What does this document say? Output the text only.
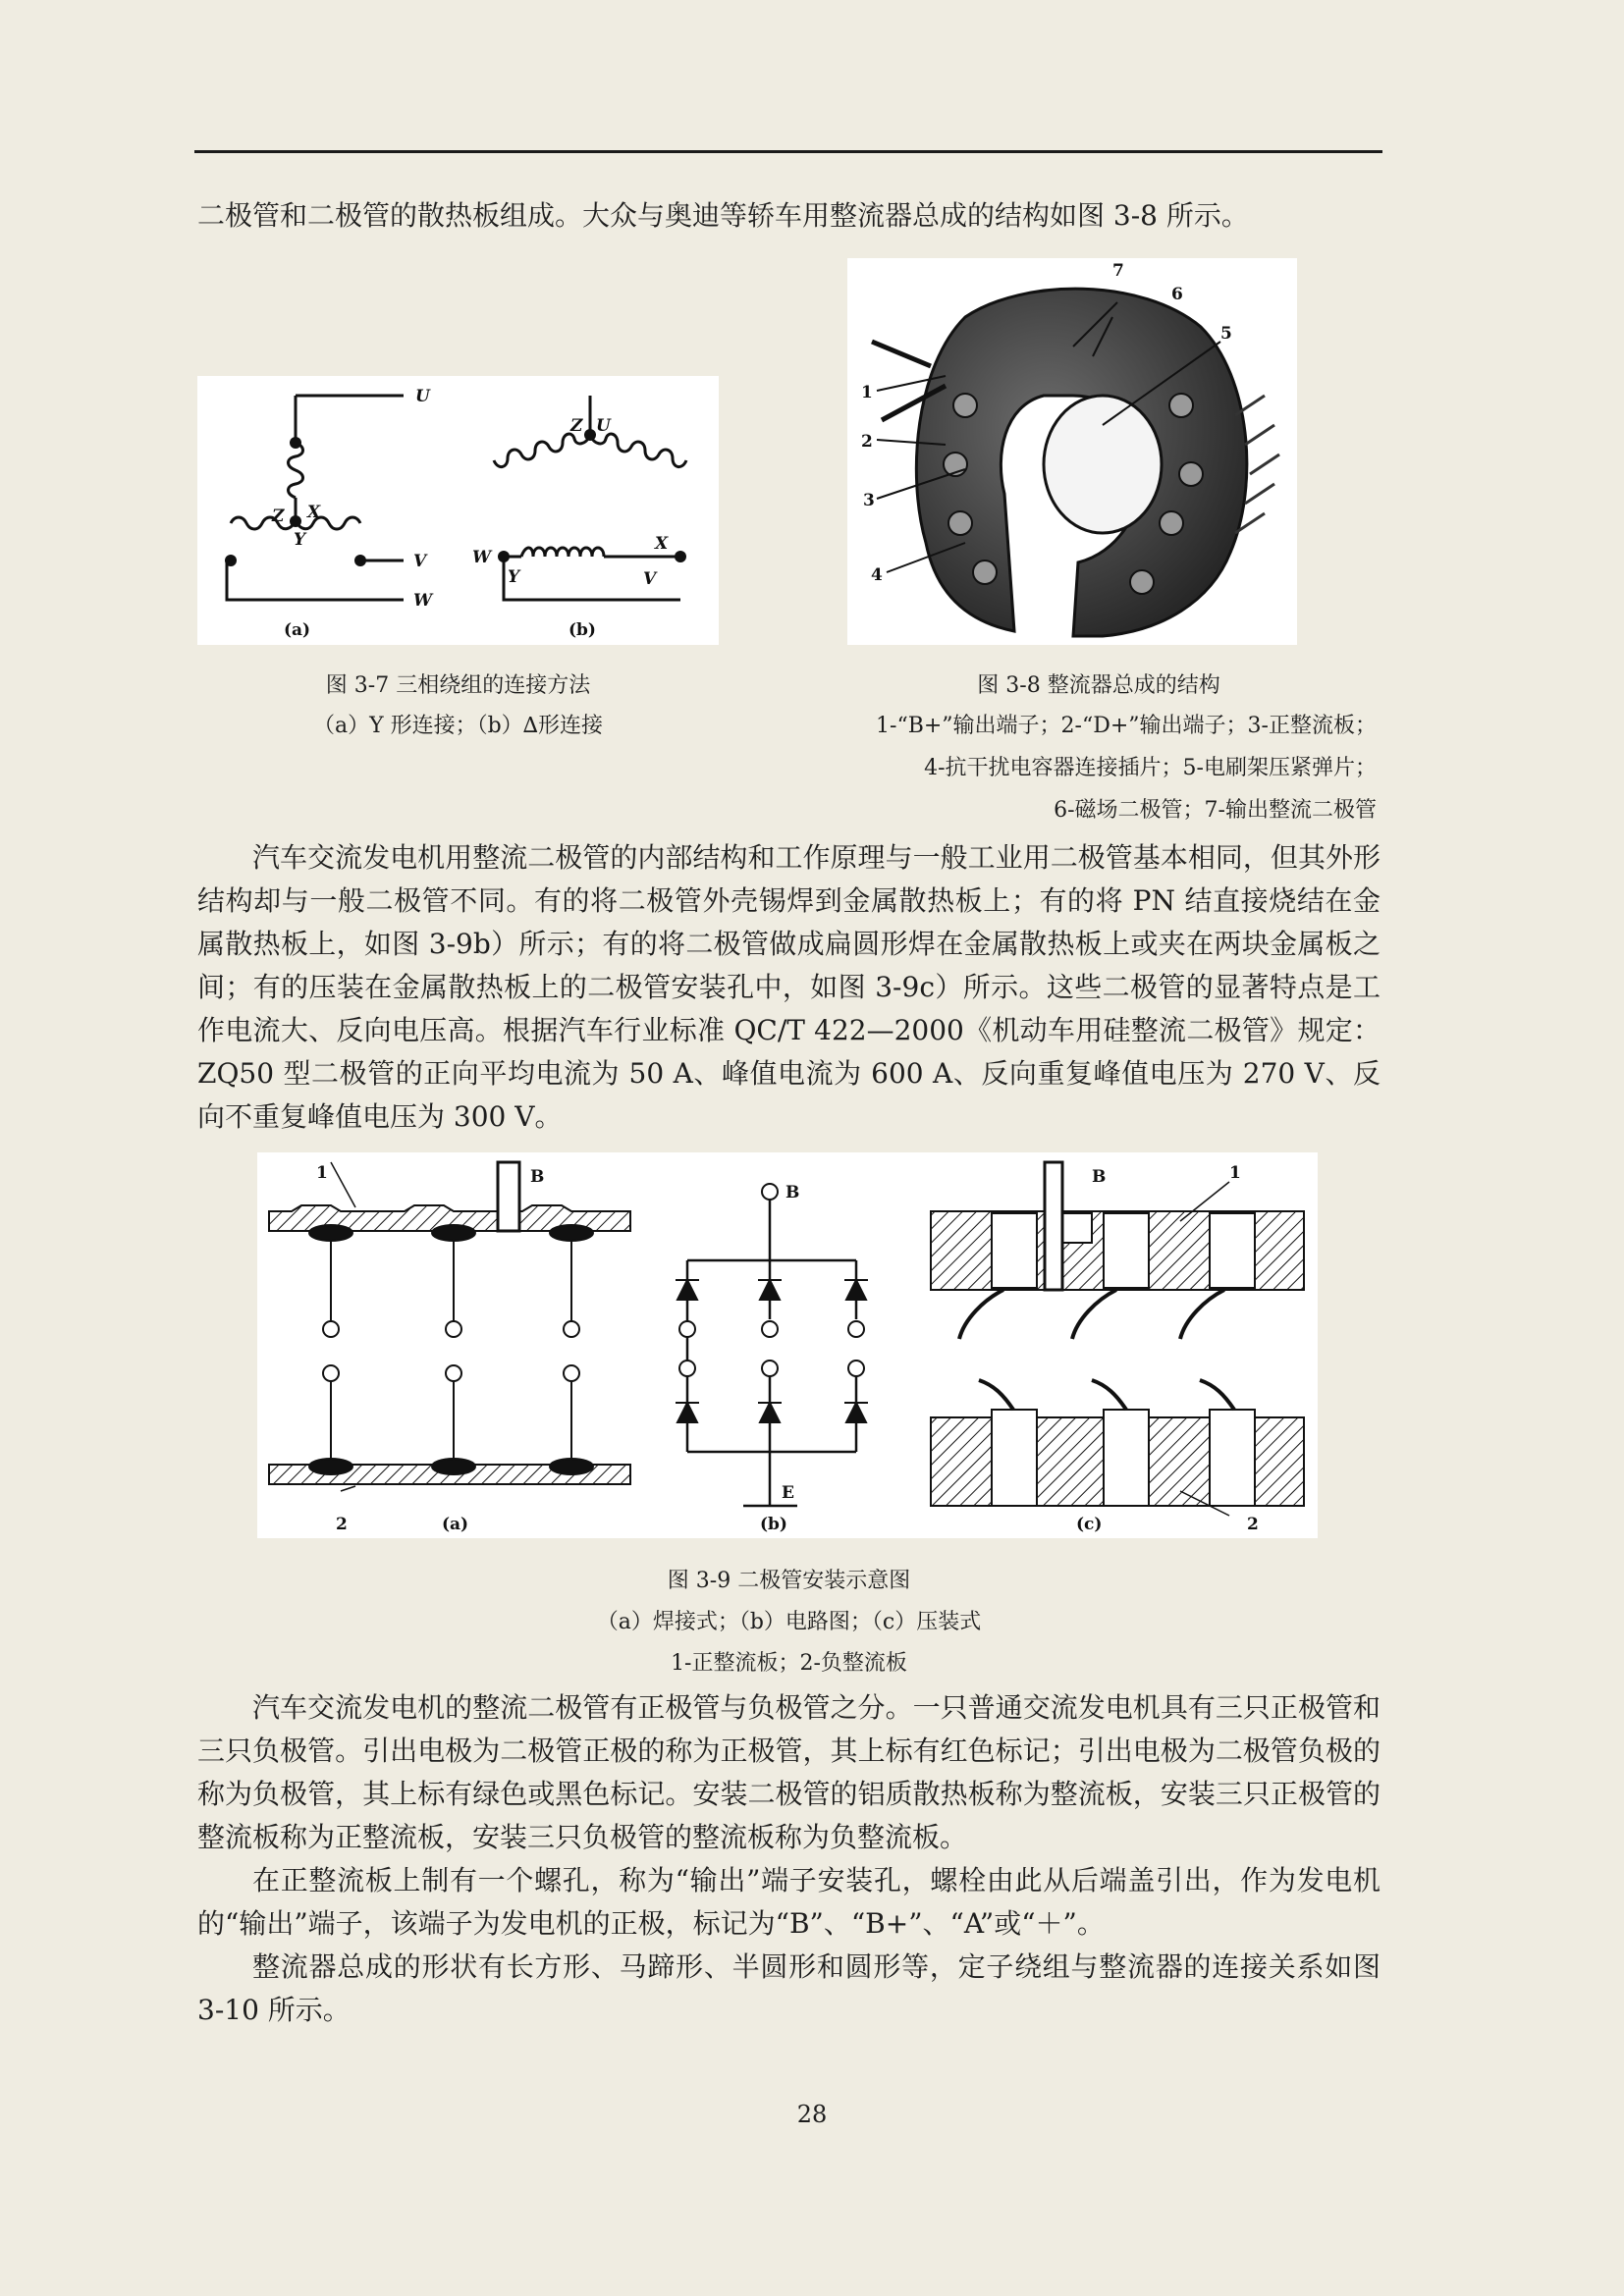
二极管和二极管的散热板组成。大众与奥迪等轿车用整流器总成的结构如图 3-8 所示。

U
V
W
Z X
Y
Z U
W
Y
X
V
(a)	(b)
图 3-7 三相绕组的连接方法
（a）Y 形连接；（b）∆形连接
1
2
3
4
5
6
7
图 3-8 整流器总成的结构
1-“B+”输出端子；2-“D+”输出端子；3-正整流板；
4-抗干扰电容器连接插片；5-电刷架压紧弹片；
6-磁场二极管；7-输出整流二极管

汽车交流发电机用整流二极管的内部结构和工作原理与一般工业用二极管基本相同，但其外形结构却与一般二极管不同。有的将二极管外壳锡焊到金属散热板上；有的将 PN 结直接烧结在金属散热板上，如图 3-9b）所示；有的将二极管做成扁圆形焊在金属散热板上或夹在两块金属板之间；有的压装在金属散热板上的二极管安装孔中，如图 3-9c）所示。这些二极管的显著特点是工作电流大、反向电压高。根据汽车行业标准 QC/T 422—2000《机动车用硅整流二极管》规定：ZQ50 型二极管的正向平均电流为 50 A、峰值电流为 600 A、反向重复峰值电压为 270 V、反向不重复峰值电压为 300 V。

1	B
2	(a)
B
E
(b)
B	1
(c)	2
图 3-9 二极管安装示意图
（a）焊接式；（b）电路图；（c）压装式
1-正整流板；2-负整流板

汽车交流发电机的整流二极管有正极管与负极管之分。一只普通交流发电机具有三只正极管和三只负极管。引出电极为二极管正极的称为正极管，其上标有红色标记；引出电极为二极管负极的称为负极管，其上标有绿色或黑色标记。安装二极管的铝质散热板称为整流板，安装三只正极管的整流板称为正整流板，安装三只负极管的整流板称为负整流板。

在正整流板上制有一个螺孔，称为“输出”端子安装孔，螺栓由此从后端盖引出，作为发电机的“输出”端子，该端子为发电机的正极，标记为“B”、“B+”、“A”或“＋”。

整流器总成的形状有长方形、马蹄形、半圆形和圆形等，定子绕组与整流器的连接关系如图 3-10 所示。

28
